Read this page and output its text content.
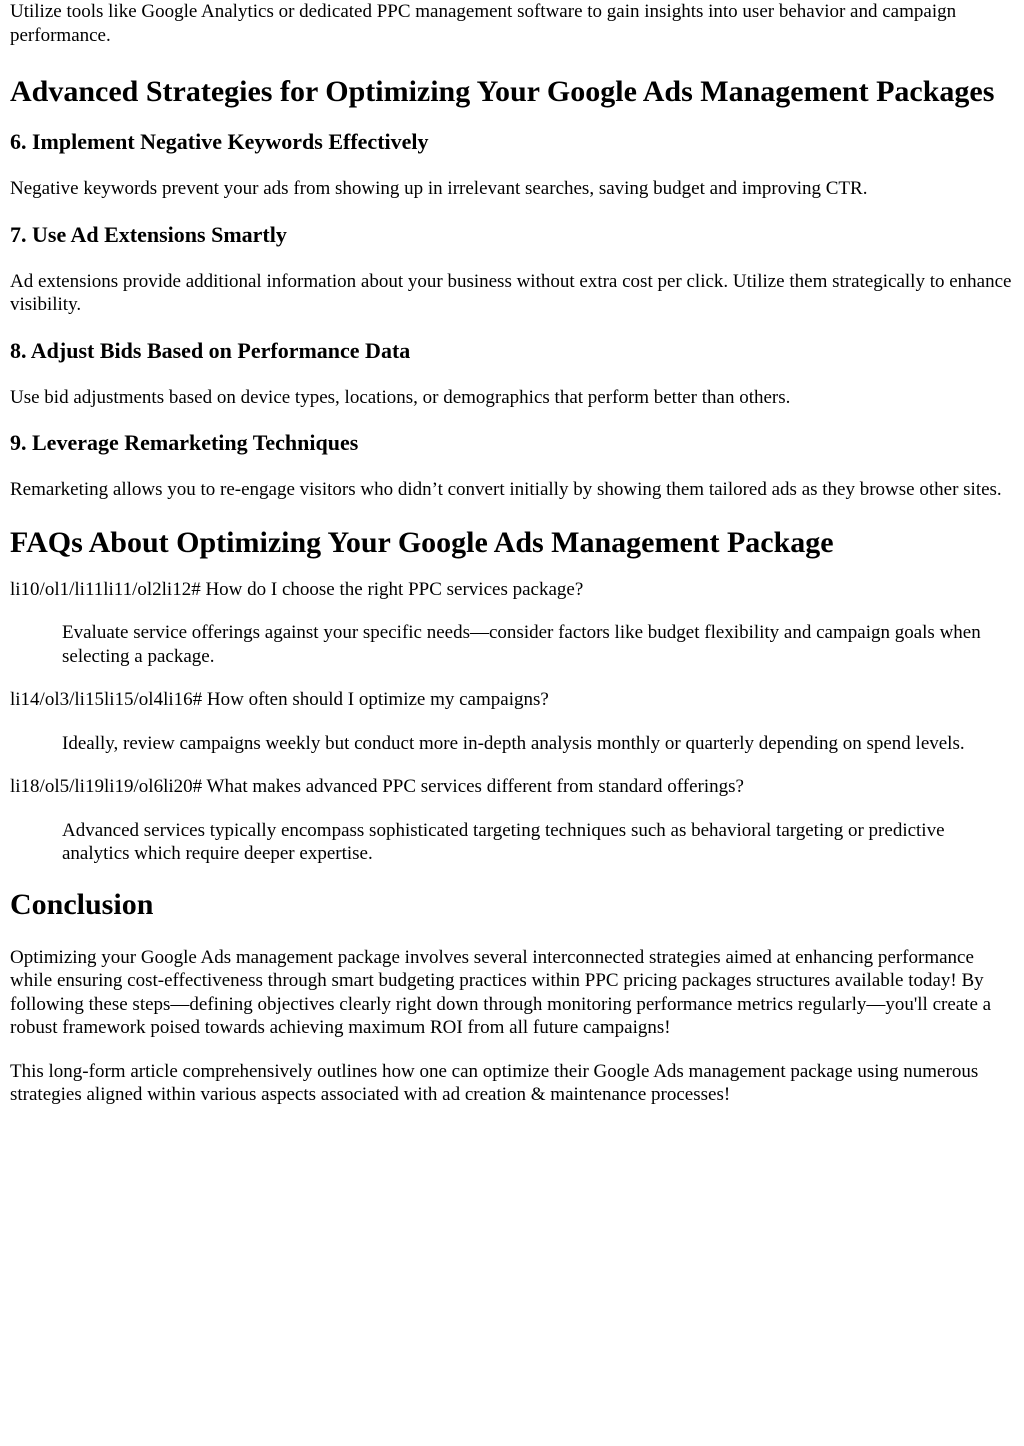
Utilize tools like Google Analytics or dedicated PPC management software to gain insights into user behavior and campaign performance.

Advanced Strategies for Optimizing Your Google Ads Management Packages
6. Implement Negative Keywords Effectively

Negative keywords prevent your ads from showing up in irrelevant searches, saving budget and improving CTR.

7. Use Ad Extensions Smartly

Ad extensions provide additional information about your business without extra cost per click. Utilize them strategically to enhance visibility.

8. Adjust Bids Based on Performance Data

Use bid adjustments based on device types, locations, or demographics that perform better than others.

9. Leverage Remarketing Techniques

Remarketing allows you to re-engage visitors who didn’t convert initially by showing them tailored ads as they browse other sites.

FAQs About Optimizing Your Google Ads Management Package

li10/ol1/li11li11/ol2li12# How do I choose the right PPC services package?

Evaluate service offerings against your specific needs—consider factors like budget flexibility and campaign goals when selecting a package.

li14/ol3/li15li15/ol4li16# How often should I optimize my campaigns?

Ideally, review campaigns weekly but conduct more in-depth analysis monthly or quarterly depending on spend levels.

li18/ol5/li19li19/ol6li20# What makes advanced PPC services different from standard offerings?

Advanced services typically encompass sophisticated targeting techniques such as behavioral targeting or predictive analytics which require deeper expertise.
Conclusion

Optimizing your Google Ads management package involves several interconnected strategies aimed at enhancing performance while ensuring cost-effectiveness through smart budgeting practices within PPC pricing packages structures available today! By following these steps—defining objectives clearly right down through monitoring performance metrics regularly—you'll create a robust framework poised towards achieving maximum ROI from all future campaigns!

This long-form article comprehensively outlines how one can optimize their Google Ads management package using numerous strategies aligned within various aspects associated with ad creation & maintenance processes!
